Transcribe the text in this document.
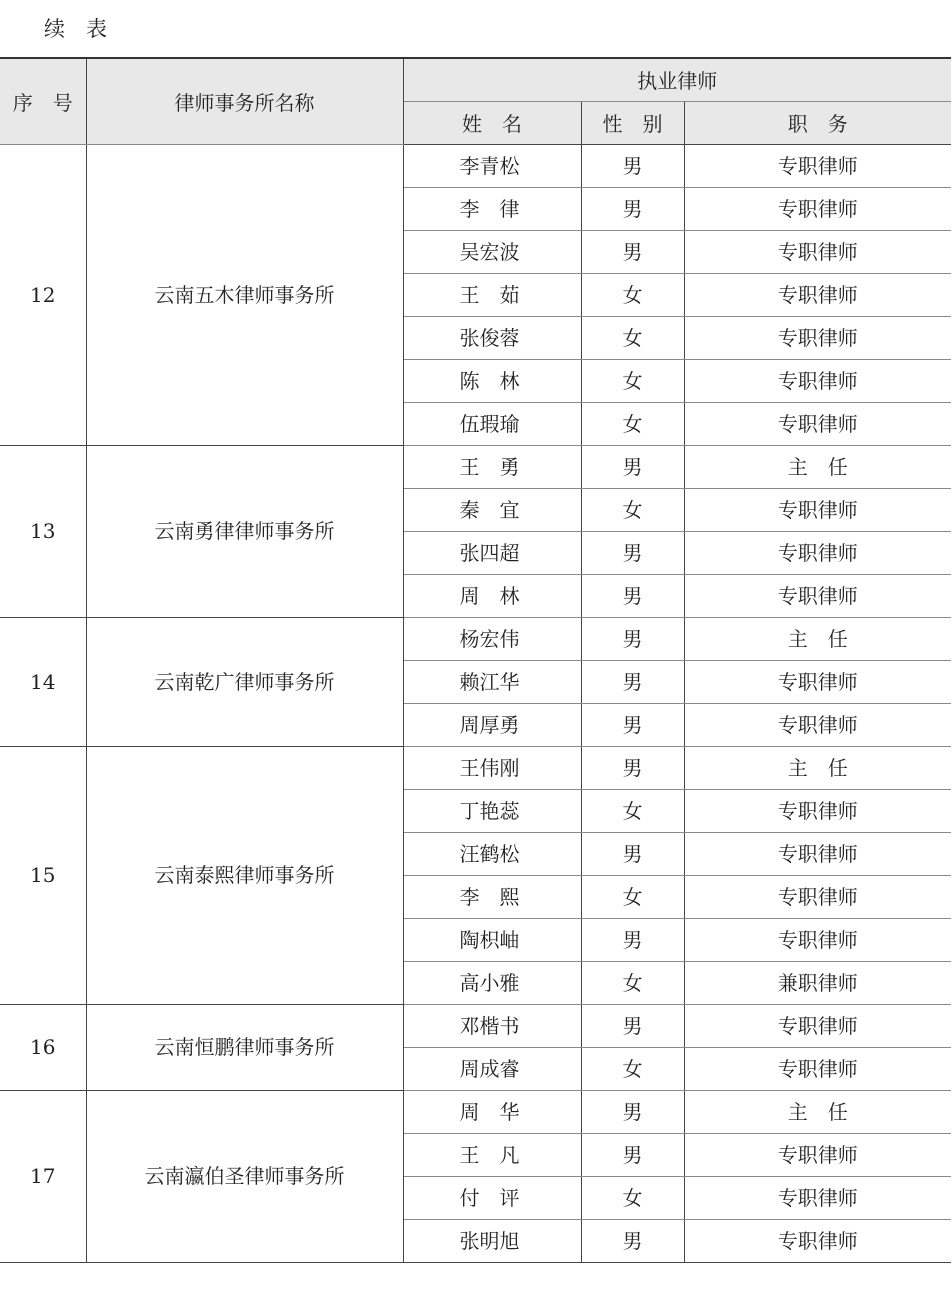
续　表
序　号	律师事务所名称	执业律师		
		姓　名	性　别	职　务
12	云南五木律师事务所	李青松	男	专职律师
		李　律	男	专职律师
		吴宏波	男	专职律师
		王　茹	女	专职律师
		张俊蓉	女	专职律师
		陈　林	女	专职律师
		伍瑕瑜	女	专职律师
13	云南勇律律师事务所	王　勇	男	主　任
		秦　宜	女	专职律师
		张四超	男	专职律师
		周　林	男	专职律师
14	云南乾广律师事务所	杨宏伟	男	主　任
		赖江华	男	专职律师
		周厚勇	男	专职律师
15	云南泰熙律师事务所	王伟刚	男	主　任
		丁艳蕊	女	专职律师
		汪鹤松	男	专职律师
		李　熙	女	专职律师
		陶枳岫	男	专职律师
		高小雅	女	兼职律师
16	云南恒鹏律师事务所	邓楷书	男	专职律师
		周成睿	女	专职律师
17	云南瀛伯圣律师事务所	周　华	男	主　任
		王　凡	男	专职律师
		付　评	女	专职律师
		张明旭	男	专职律师
